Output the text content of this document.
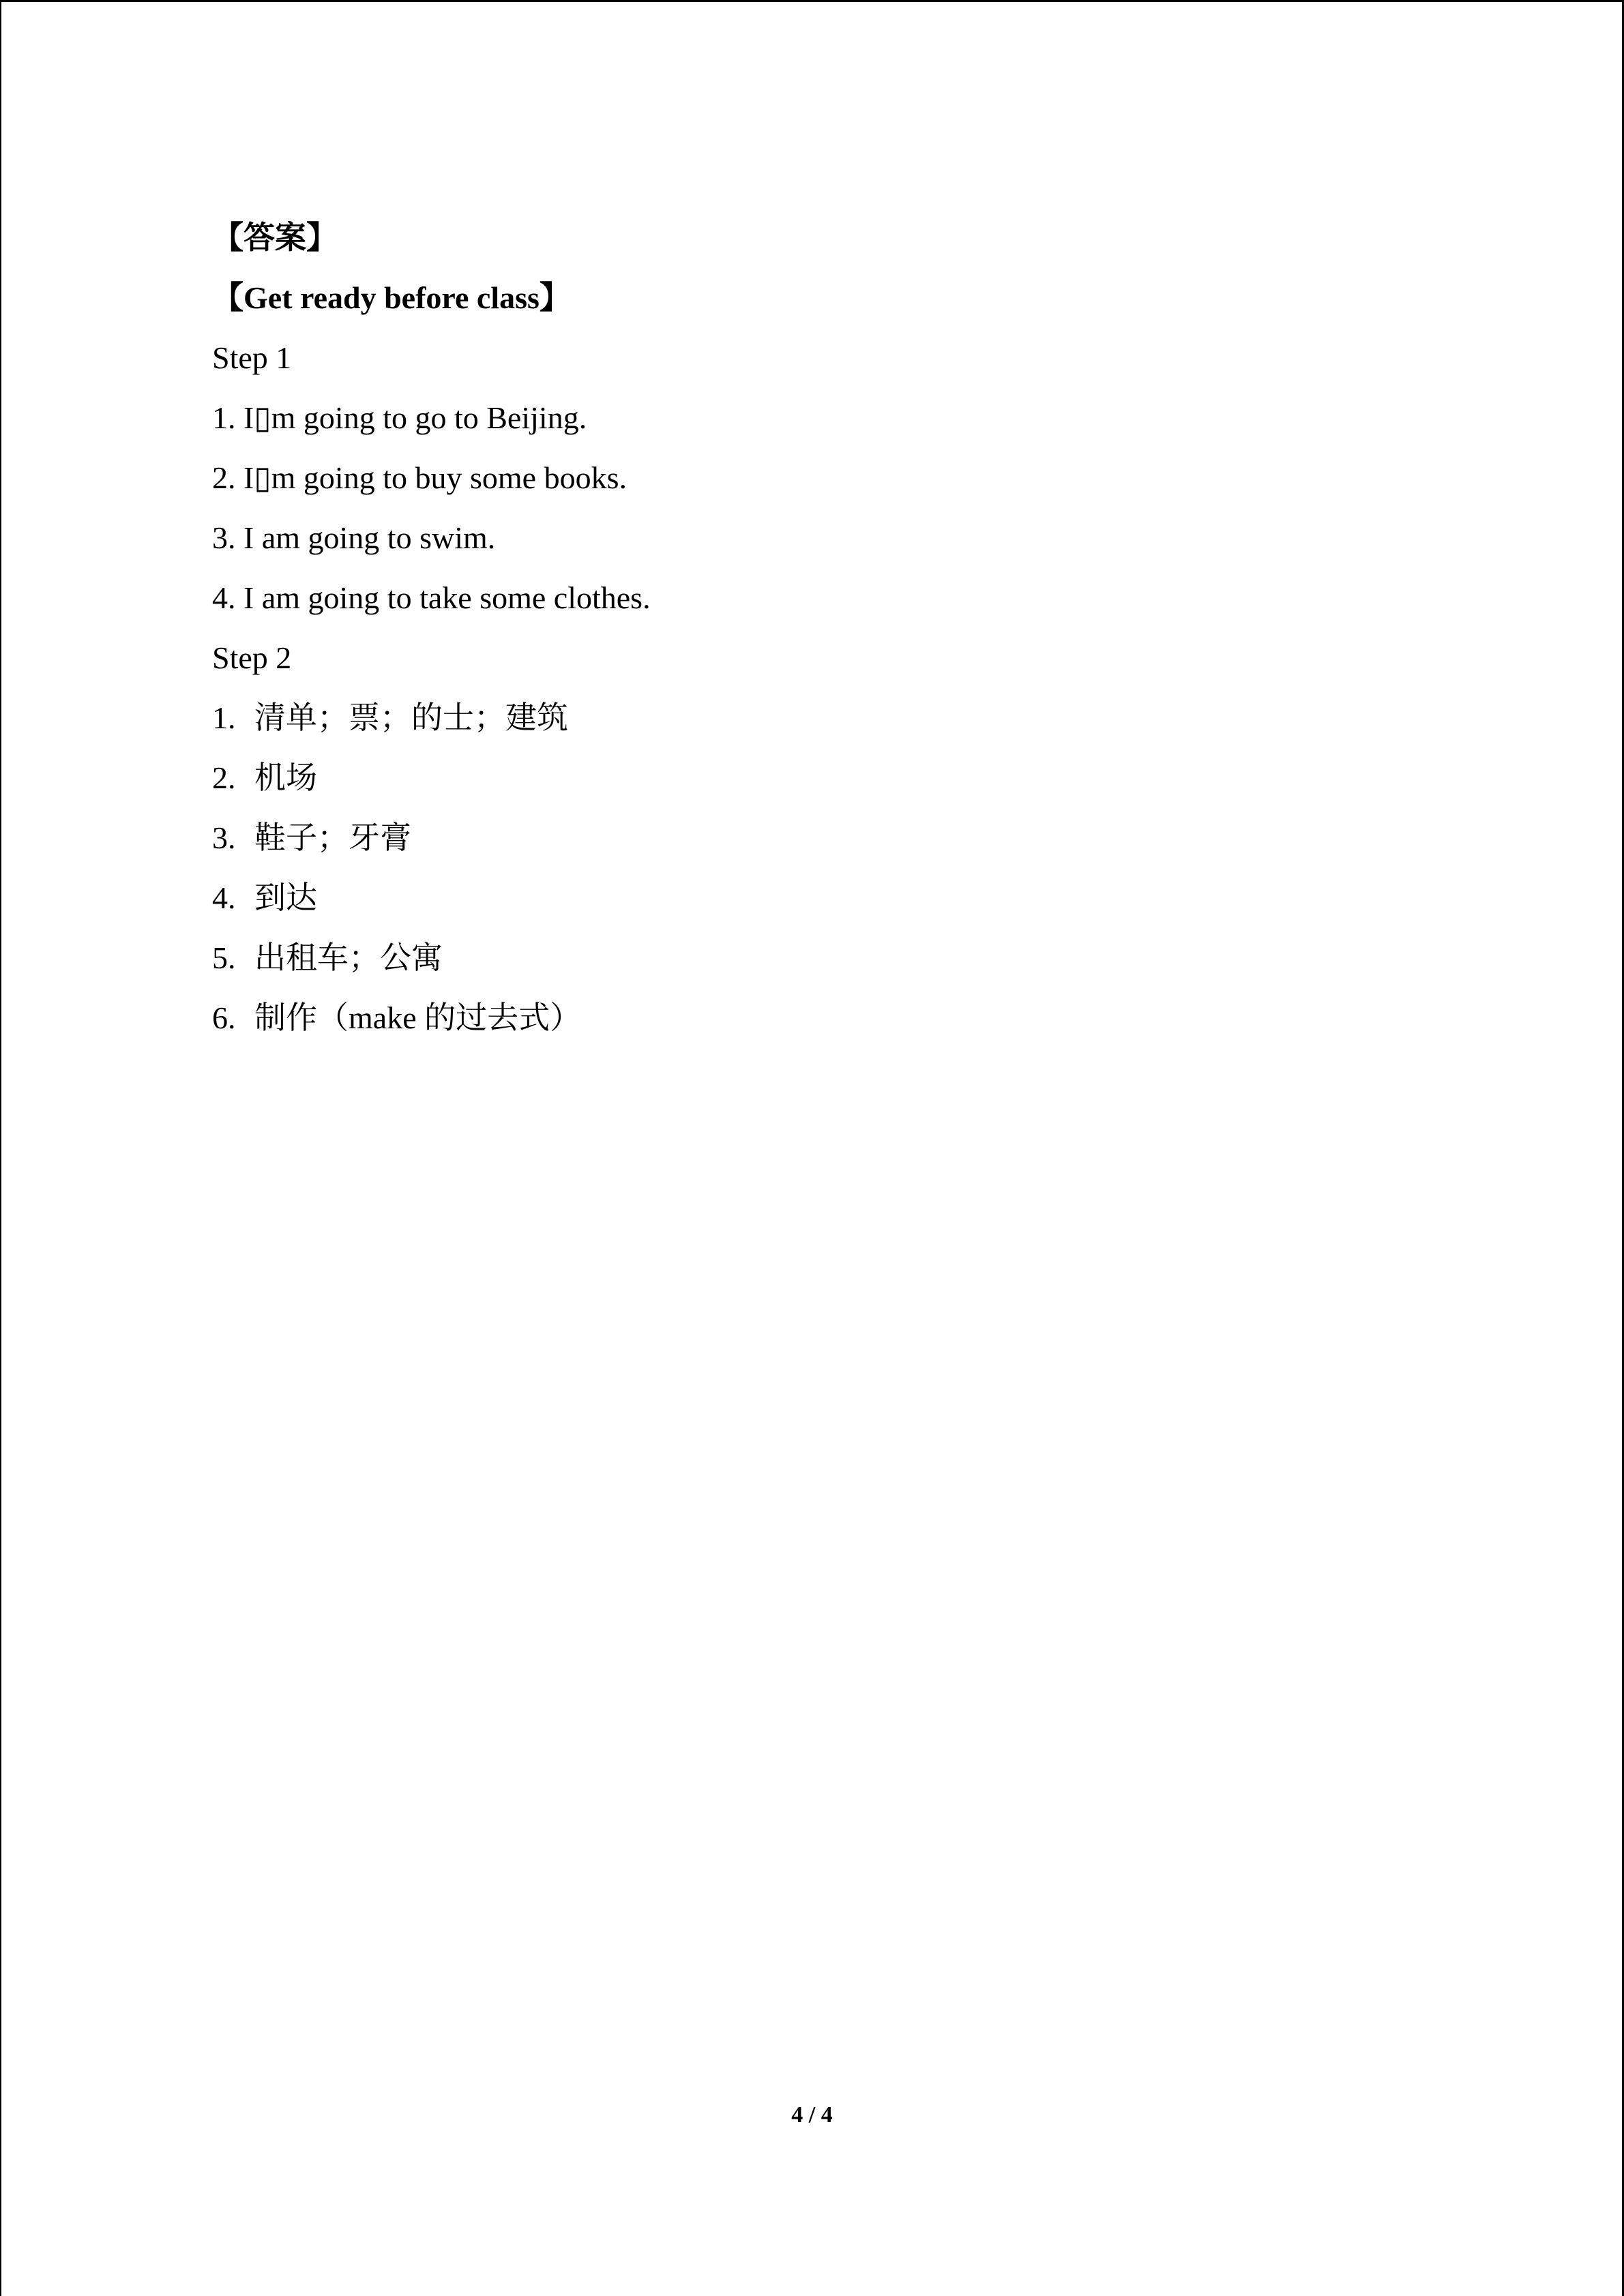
【答案】
【Get ready before class】
Step 1
1. I▯m going to go to Beijing.
2. I▯m going to buy some books.
3. I am going to swim.
4. I am going to take some clothes.
Step 2
1. 清单；票；的士；建筑
2. 机场
3. 鞋子；牙膏
4. 到达
5. 出租车；公寓
6. 制作（make 的过去式）
4 / 4
